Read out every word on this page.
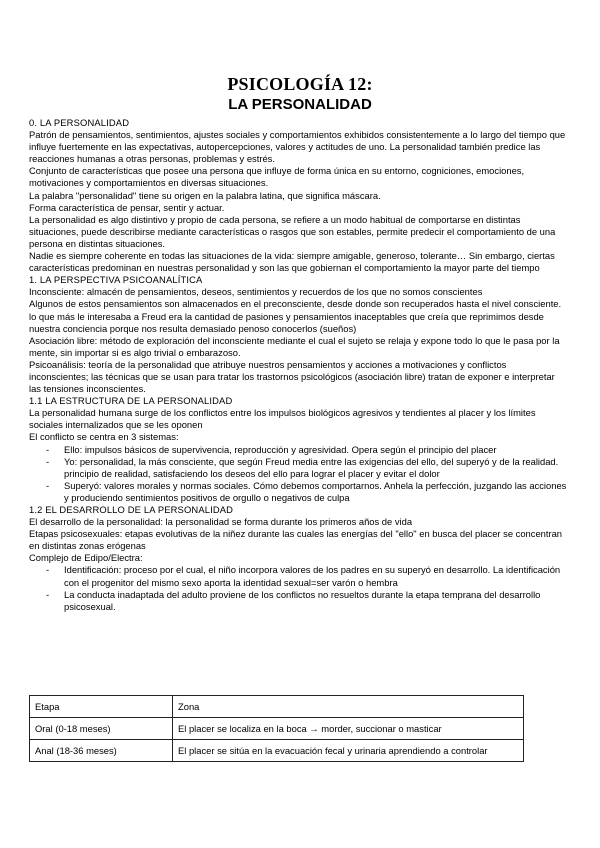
PSICOLOGÍA 12:
LA PERSONALIDAD

0. LA PERSONALIDAD

Patrón de pensamientos, sentimientos, ajustes sociales y comportamientos exhibidos consistentemente a lo largo del tiempo que influye fuertemente en las expectativas, autopercepciones, valores y actitudes de uno. La personalidad también predice las reacciones humanas a otras personas, problemas y estrés.

Conjunto de características que posee una persona que influye de forma única en su entorno, cogniciones, emociones, motivaciones y comportamientos en diversas situaciones.

La palabra "personalidad" tiene su origen en la palabra latina, que significa máscara.

Forma característica de pensar, sentir y actuar.

La personalidad es algo distintivo y propio de cada persona, se refiere a un modo habitual de comportarse en distintas situaciones, puede describirse mediante características o rasgos que son estables, permite predecir el comportamiento de una persona en distintas situaciones.

Nadie es siempre coherente en todas las situaciones de la vida: siempre amigable, generoso, tolerante… Sin embargo, ciertas características predominan en nuestras personalidad y son las que gobiernan el comportamiento la mayor parte del tiempo

1. LA PERSPECTIVA PSICOANALÍTICA

Inconsciente: almacén de pensamientos, deseos, sentimientos y recuerdos de los que no somos conscientes

Algunos de estos pensamientos son almacenados en el preconsciente, desde donde son recuperados hasta el nivel consciente. lo que más le interesaba a Freud era la cantidad de pasiones y pensamientos inaceptables que creía que reprimimos desde nuestra conciencia porque nos resulta demasiado penoso conocerlos (sueños)

Asociación libre: método de exploración del inconsciente mediante el cual el sujeto se relaja y expone todo lo que le pasa por la mente, sin importar si es algo trivial o embarazoso.

Psicoanálisis: teoría de la personalidad que atribuye nuestros pensamientos y acciones a motivaciones y conflictos inconscientes; las técnicas que se usan para tratar los trastornos psicológicos (asociación libre) tratan de exponer e interpretar las tensiones inconscientes.

1.1 LA ESTRUCTURA DE LA PERSONALIDAD

La personalidad humana surge de los conflictos entre los impulsos biológicos agresivos y tendientes al placer y los límites sociales internalizados que se les oponen

El conflicto se centra en 3 sistemas:

- Ello: impulsos básicos de supervivencia, reproducción y agresividad. Opera según el principio del placer
- Yo: personalidad, la más consciente, que según Freud media entre las exigencias del ello, del superyó y de la realidad. principio de realidad, satisfaciendo los deseos del ello para lograr el placer y evitar el dolor
- Superyó: valores morales y normas sociales. Cómo debemos comportarnos. Anhela la perfección, juzgando las acciones y produciendo sentimientos positivos de orgullo o negativos de culpa

1.2 EL DESARROLLO DE LA PERSONALIDAD

El desarrollo de la personalidad: la personalidad se forma durante los primeros años de vida

Etapas psicosexuales: etapas evolutivas de la niñez durante las cuales las energías del "ello" en busca del placer se concentran en distintas zonas erógenas

Complejo de Edipo/Electra:

- Identificación: proceso por el cual, el niño incorpora valores de los padres en su superyó en desarrollo. La identificación con el progenitor del mismo sexo aporta la identidad sexual=ser varón o hembra
- La conducta inadaptada del adulto proviene de los conflictos no resueltos durante la etapa temprana del desarrollo psicosexual.
Etapa	Zona
Oral (0-18 meses)	El placer se localiza en la boca → morder, succionar o masticar
Anal (18-36 meses)	El placer se sitúa en la evacuación fecal y urinaria aprendiendo a controlar
